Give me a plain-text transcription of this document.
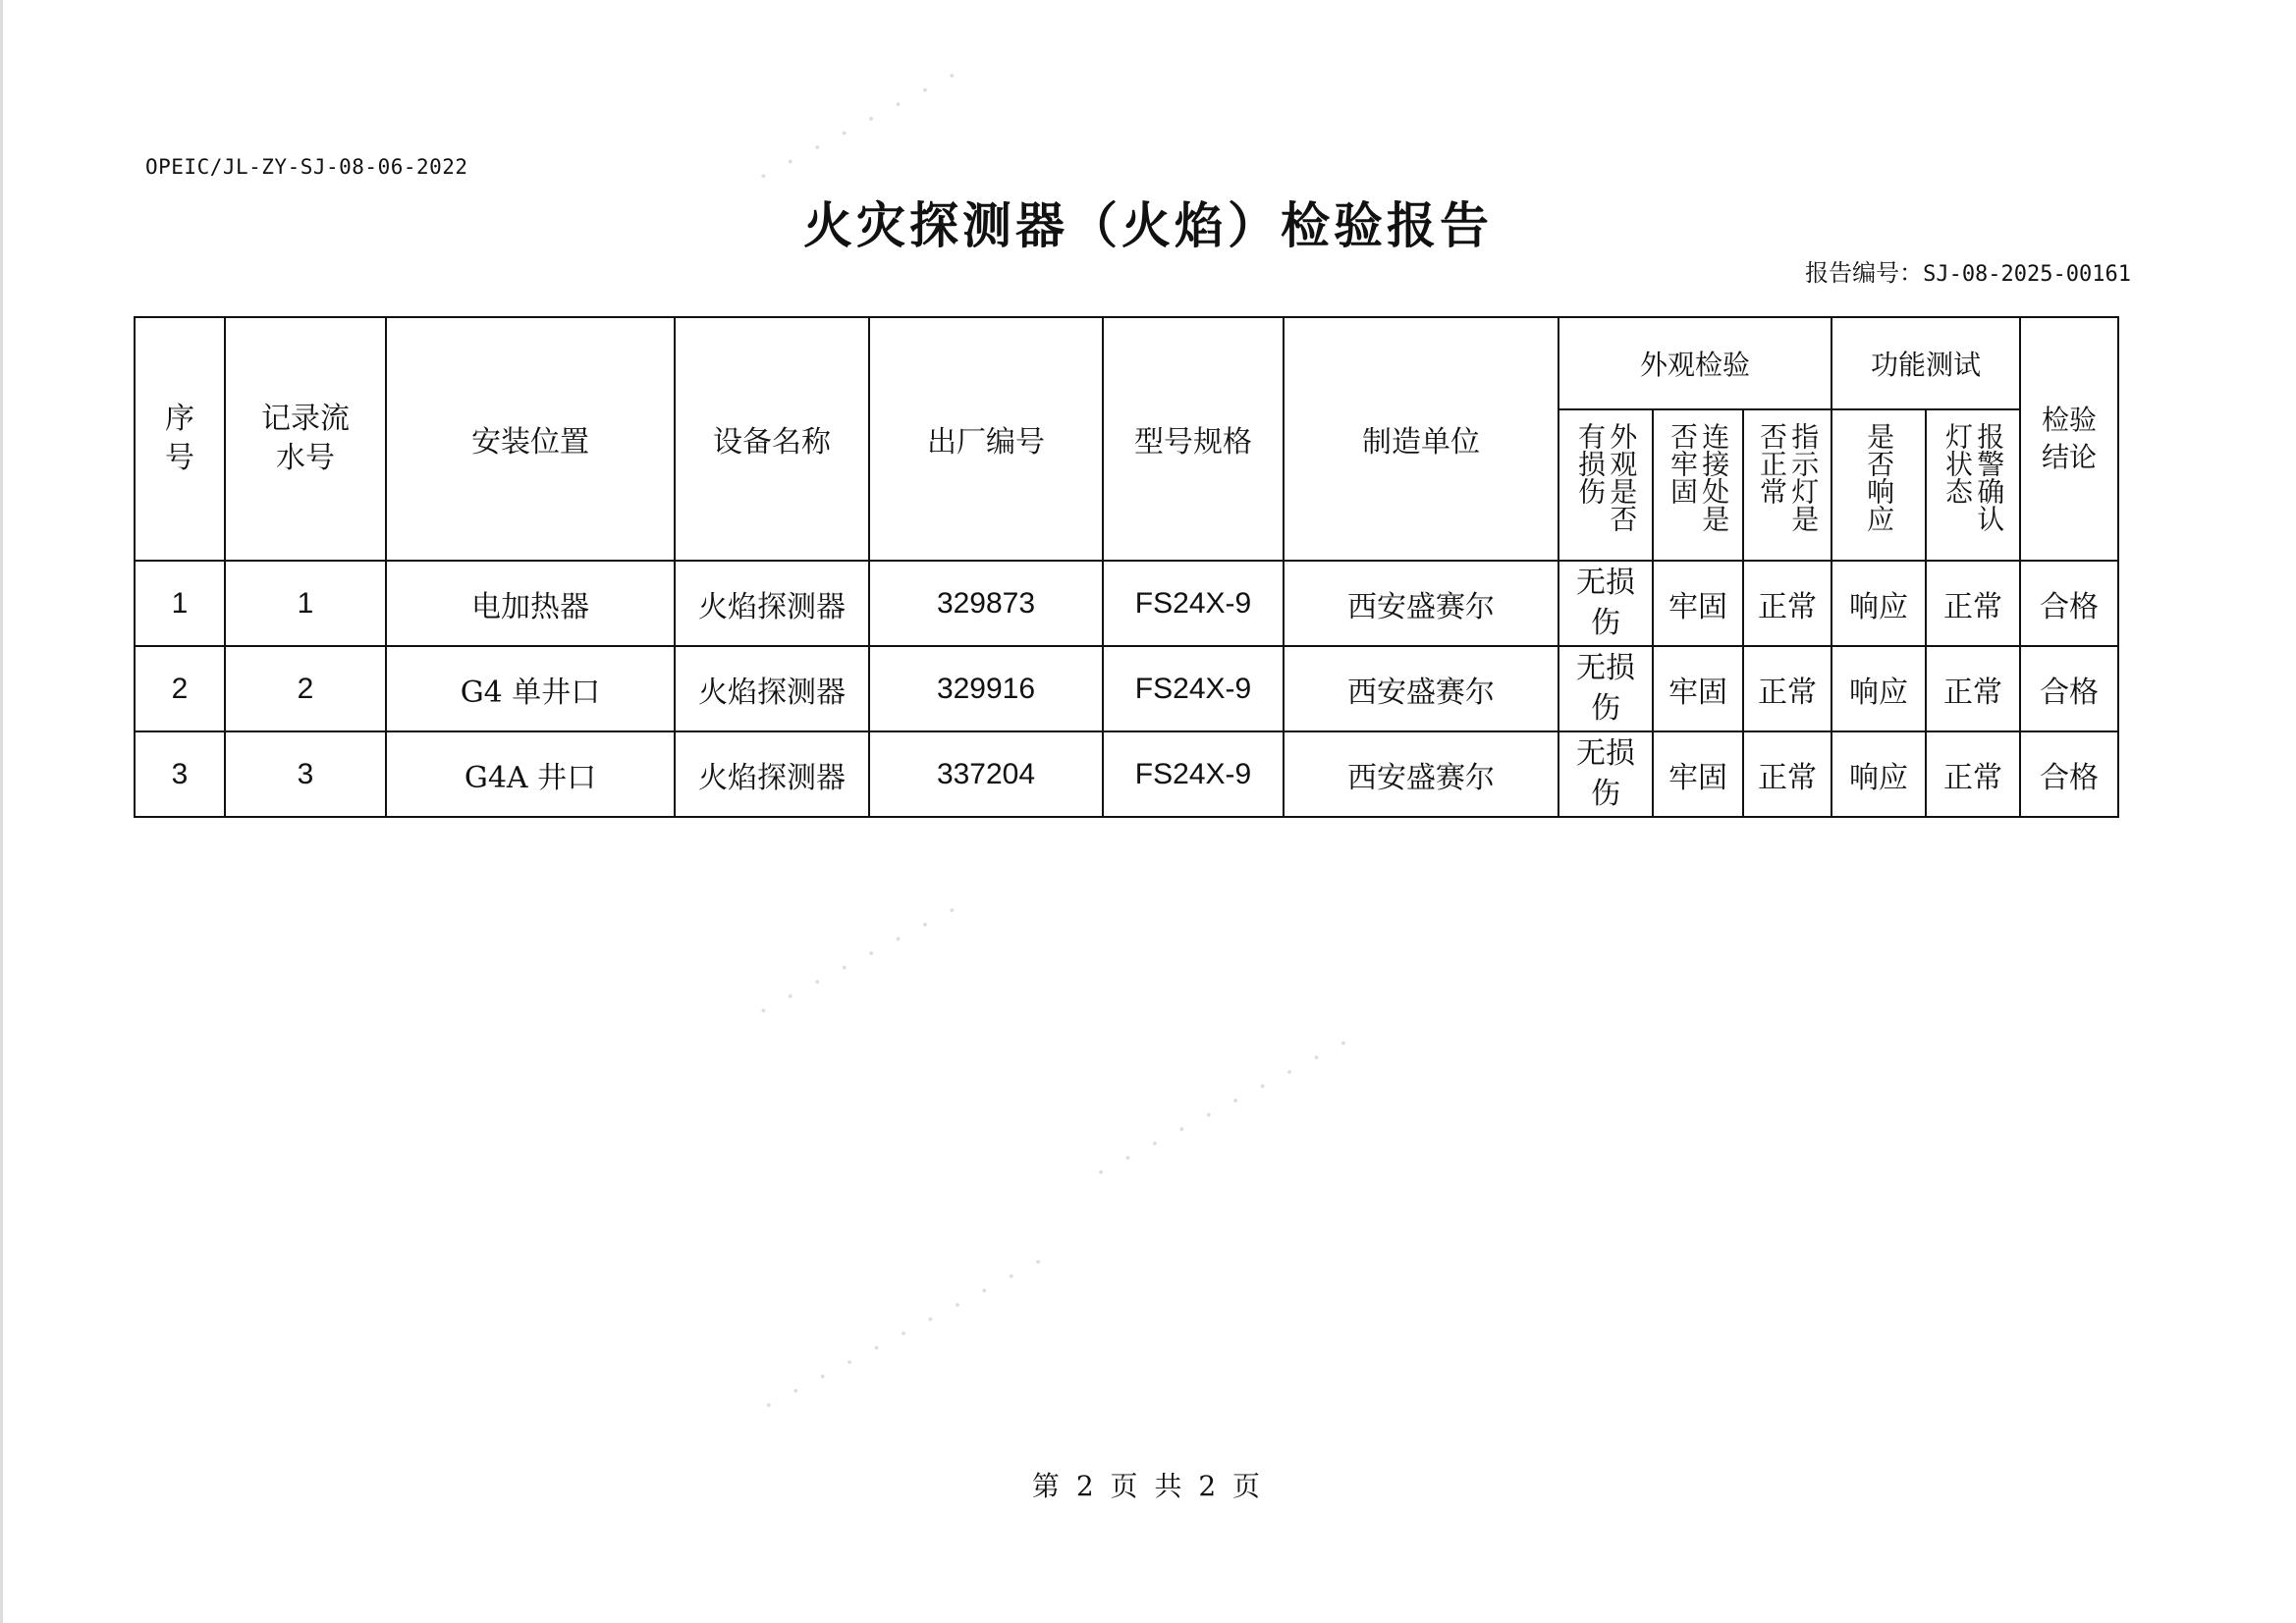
OPEIC/JL-ZY-SJ-08-06-2022
火灾探测器（火焰）检验报告
报告编号：SJ-08-2025-00161
序号	记录流水号	安装位置	设备名称	出厂编号	型号规格	制造单位	外观检验			功能测试		检验结论
							外观是否有损伤	连接处是否牢固	指示灯是否正常	是否响应	报警确认灯状态	
1	1	电加热器	火焰探测器	329873	FS24X-9	西安盛赛尔	无损伤	牢固	正常	响应	正常	合格
2	2	G4 单井口	火焰探测器	329916	FS24X-9	西安盛赛尔	无损伤	牢固	正常	响应	正常	合格
3	3	G4A 井口	火焰探测器	337204	FS24X-9	西安盛赛尔	无损伤	牢固	正常	响应	正常	合格
· · · · · · · ·
· · · · · · · ·
· · · · · · · · · · ·
· · · · · · · · · ·
第 2 页 共 2 页
